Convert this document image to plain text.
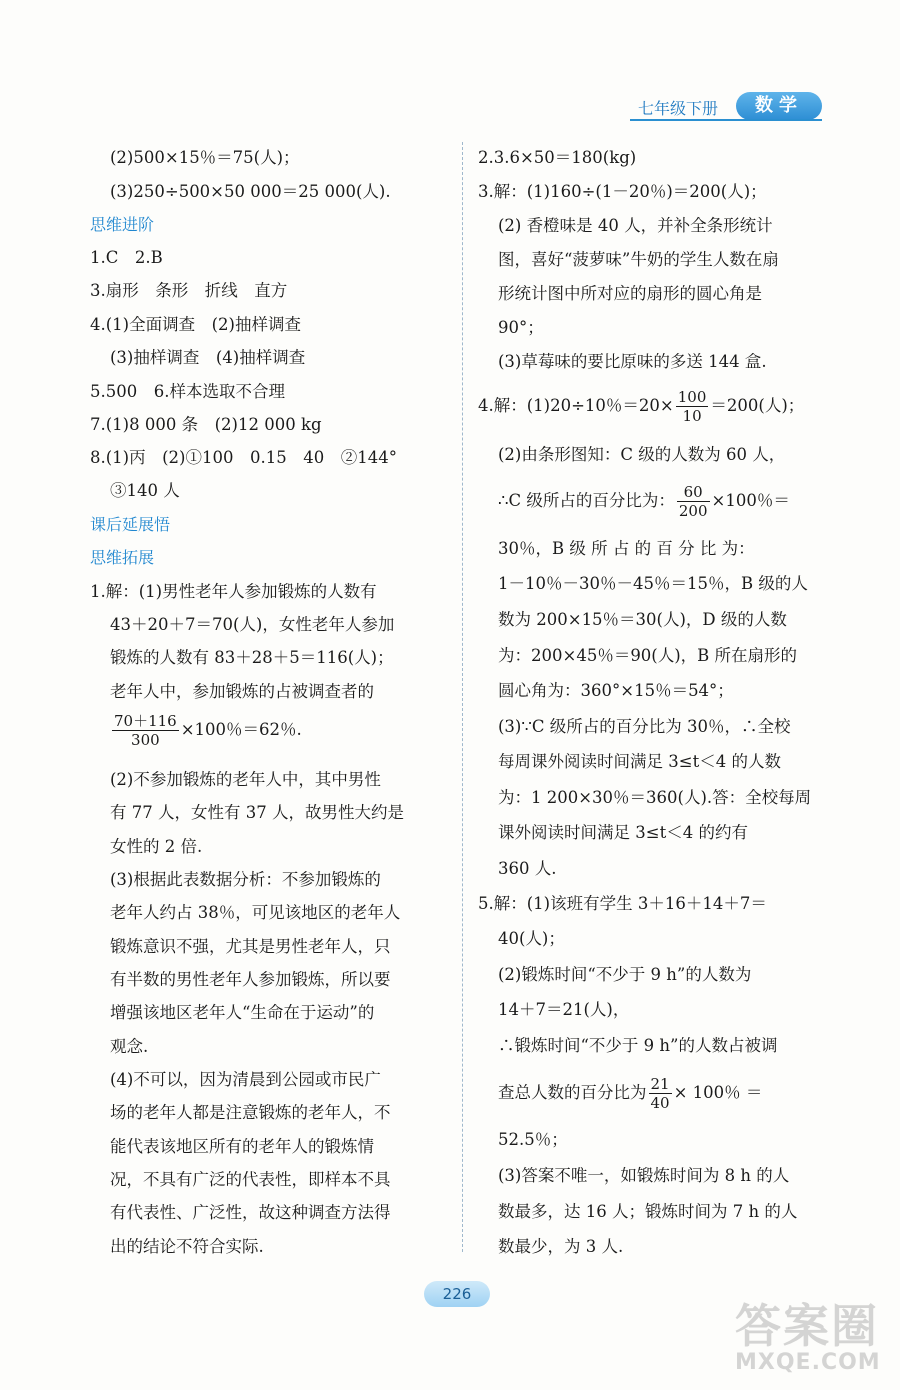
七年级下册	数学
(2)500×15％＝75(人)；
(3)250÷500×50 000＝25 000(人).
思维进阶
1.C　2.B
3.扇形　条形　折线　直方
4.(1)全面调查　(2)抽样调查
(3)抽样调查　(4)抽样调查
5.500　6.样本选取不合理
7.(1)8 000 条　(2)12 000 kg
8.(1)丙　(2)①100　0.15　40　②144°
③140 人
课后延展悟
思维拓展
1.解：(1)男性老年人参加锻炼的人数有
43＋20＋7＝70(人)，女性老年人参加
锻炼的人数有 83＋28＋5＝116(人)；
老年人中，参加锻炼的占被调查者的
$\frac{70+116}{300} \times 100$％＝62％.
(2)不参加锻炼的老年人中，其中男性
有 77 人，女性有 37 人，故男性大约是
女性的 2 倍.
(3)根据此表数据分析：不参加锻炼的
老年人约占 38％，可见该地区的老年人
锻炼意识不强，尤其是男性老年人，只
有半数的男性老年人参加锻炼，所以要
增强该地区老年人“生命在于运动”的
观念.
(4)不可以，因为清晨到公园或市民广
场的老年人都是注意锻炼的老年人，不
能代表该地区所有的老年人的锻炼情
况，不具有广泛的代表性，即样本不具
有代表性、广泛性，故这种调查方法得
出的结论不符合实际.
2.3.6×50＝180(kg)
3.解：(1)160÷(1－20％)＝200(人)；
(2) 香橙味是 40 人，并补全条形统计
图，喜好“菠萝味”牛奶的学生人数在扇
形统计图中所对应的扇形的圆心角是
90°；
(3)草莓味的要比原味的多送 144 盒.
4.解：(1)20÷10％$=20\times \frac{100}{10} =200$(人)；
(2)由条形图知：C 级的人数为 60 人，
∴C 级所占的百分比为： $\frac{60}{200} \times 100$％＝
30％，B 级 所 占 的 百 分 比 为：
1－10％－30％－45％＝15％，B 级的人
数为 200×15％＝30(人)，D 级的人数
为：200×45％＝90(人)，B 所在扇形的
圆心角为：360°×15％＝54°；
(3)∵C 级所占的百分比为 30％，∴全校
每周课外阅读时间满足 3≤t＜4 的人数
为：1 200×30％＝360(人).答：全校每周
课外阅读时间满足 3≤t＜4 的约有
360 人.
5.解：(1)该班有学生 3＋16＋14＋7＝
40(人)；
(2)锻炼时间“不少于 9 h”的人数为
14＋7＝21(人)，
∴锻炼时间“不少于 9 h”的人数占被调
查总人数的百分比为 $\frac{21}{40} \times 100$％ ＝
52.5％；
(3)答案不唯一，如锻炼时间为 8 h 的人
数最多，达 16 人；锻炼时间为 7 h 的人
数最少，为 3 人.
226
答案圈
MXQE.COM
